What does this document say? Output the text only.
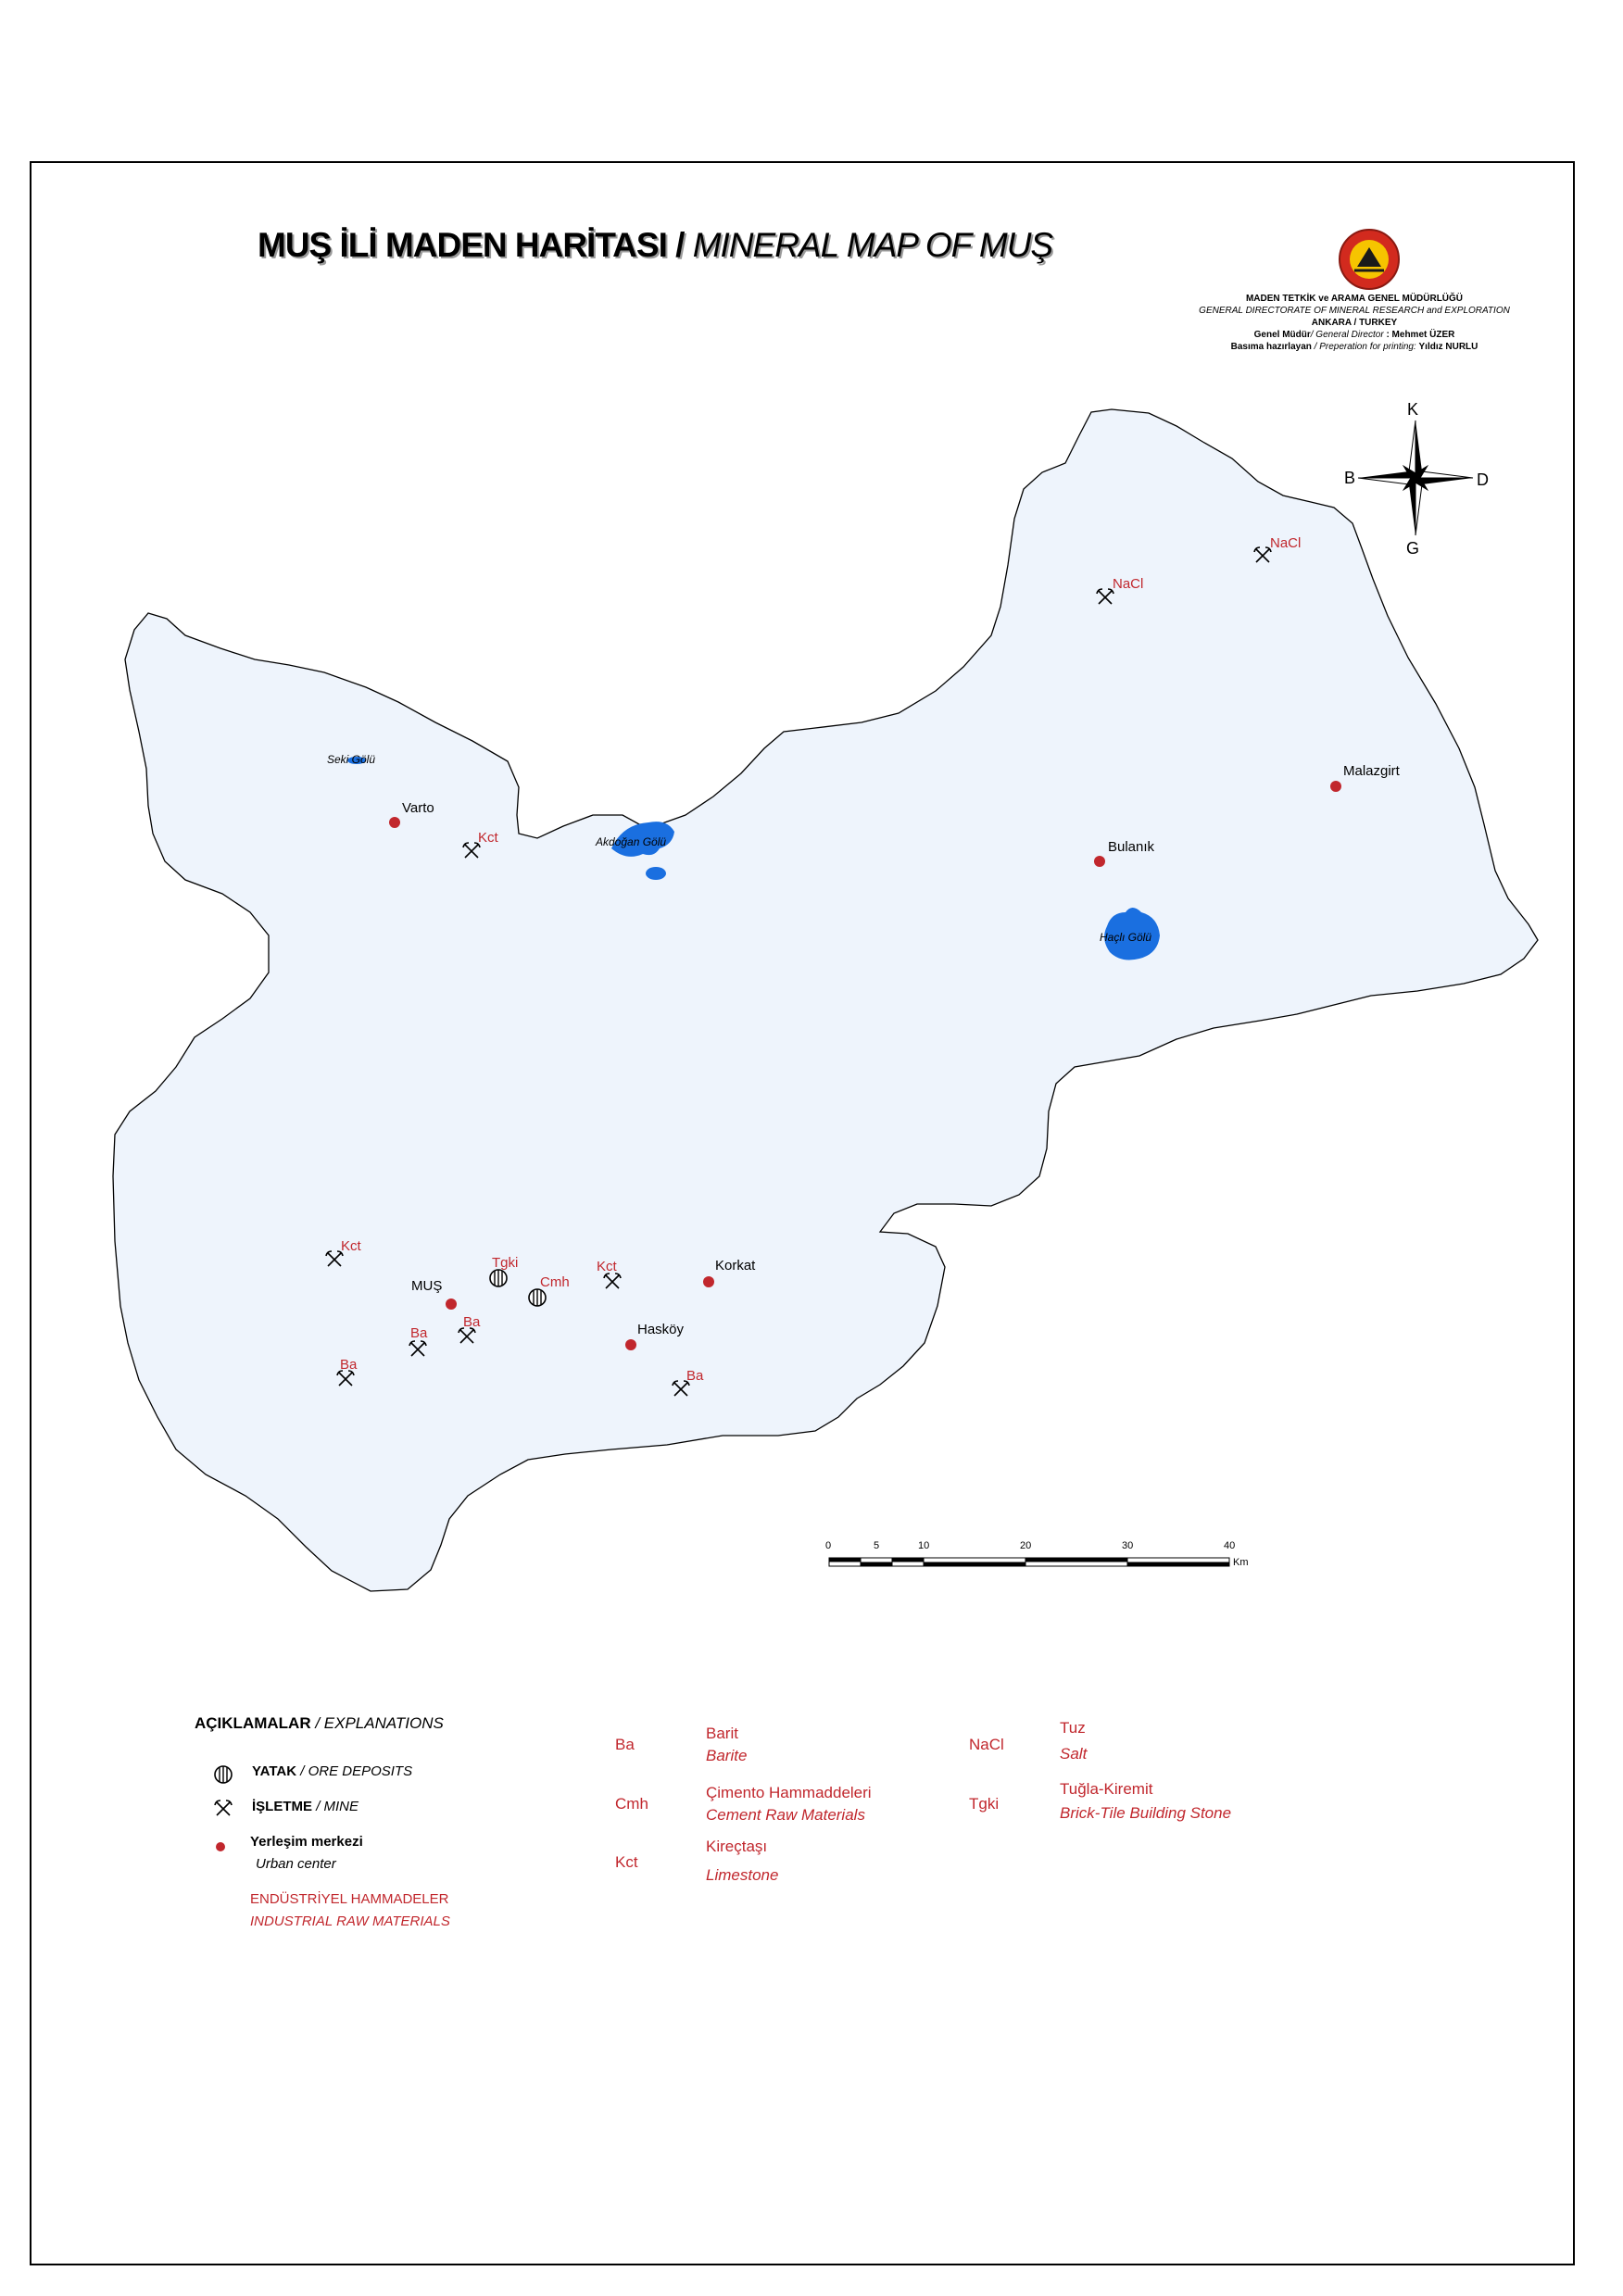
MUŞ İLİ MADEN HARİTASI / MINERAL MAP OF MUŞ
MADEN TETKİK ve ARAMA GENEL MÜDÜRLÜĞÜ
GENERAL DIRECTORATE OF MINERAL RESEARCH and EXPLORATION
ANKARA / TURKEY
Genel Müdür/ General Director : Mehmet ÜZER
Basıma hazırlayan / Preperation for printing: Yıldız NURLU
K
G
D
B
Seki Gölü
Akdoğan Gölü
Haçlı Gölü
Varto
Bulanık
Malazgirt
MUŞ
Korkat
Hasköy
Kct
NaCl
NaCl
Kct
Tgki
Cmh
Kct
Ba
Ba
Ba
Ba
0	5	10	20	30	40
Km
AÇIKLAMALAR / EXPLANATIONS
YATAK / ORE DEPOSITS
İŞLETME / MINE
Yerleşim merkezi
Urban center
ENDÜSTRİYEL HAMMADELER
INDUSTRIAL RAW MATERIALS
Ba
Barit
Barite
Cmh
Çimento Hammaddeleri
Cement Raw Materials
Kct
Kireçtaşı
Limestone
NaCl
Tuz
Salt
Tgki
Tuğla-Kiremit
Brick-Tile Building Stone
